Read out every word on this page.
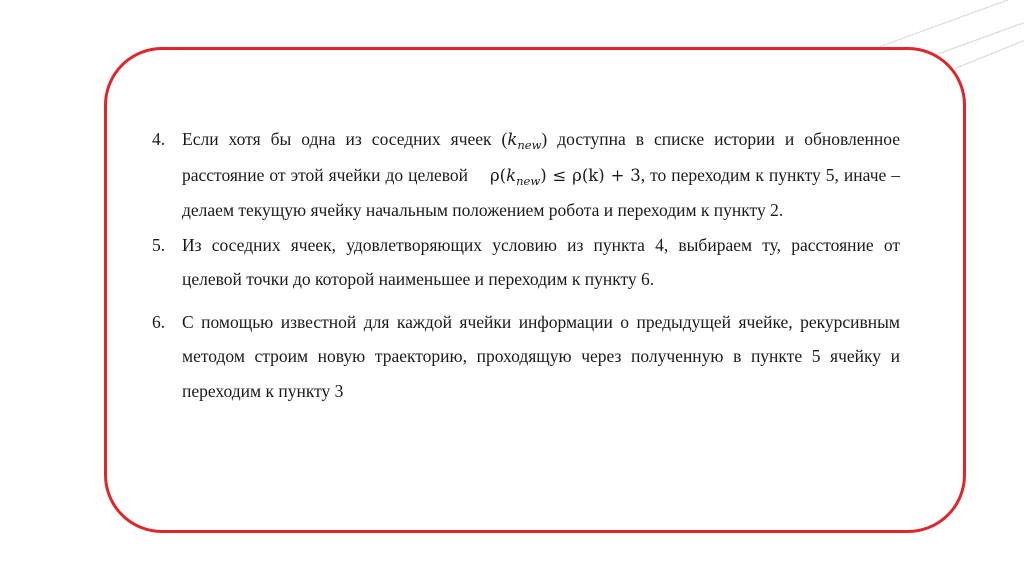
4. Если хотя бы одна из соседних ячеек $(k_{new})$ доступна в списке истории и обновленное расстояние от этой ячейки до целевой $\rho(k_{new}) \le \rho(k) + 3$, то переходим к пункту 5, иначе – делаем текущую ячейку начальным положением робота и переходим к пункту 2.
5. Из соседних ячеек, удовлетворяющих условию из пункта 4, выбираем ту, расстояние от целевой точки до которой наименьшее и переходим к пункту 6.
6. С помощью известной для каждой ячейки информации о предыдущей ячейке, рекурсивным методом строим новую траекторию, проходящую через полученную в пункте 5 ячейку и переходим к пункту 3
